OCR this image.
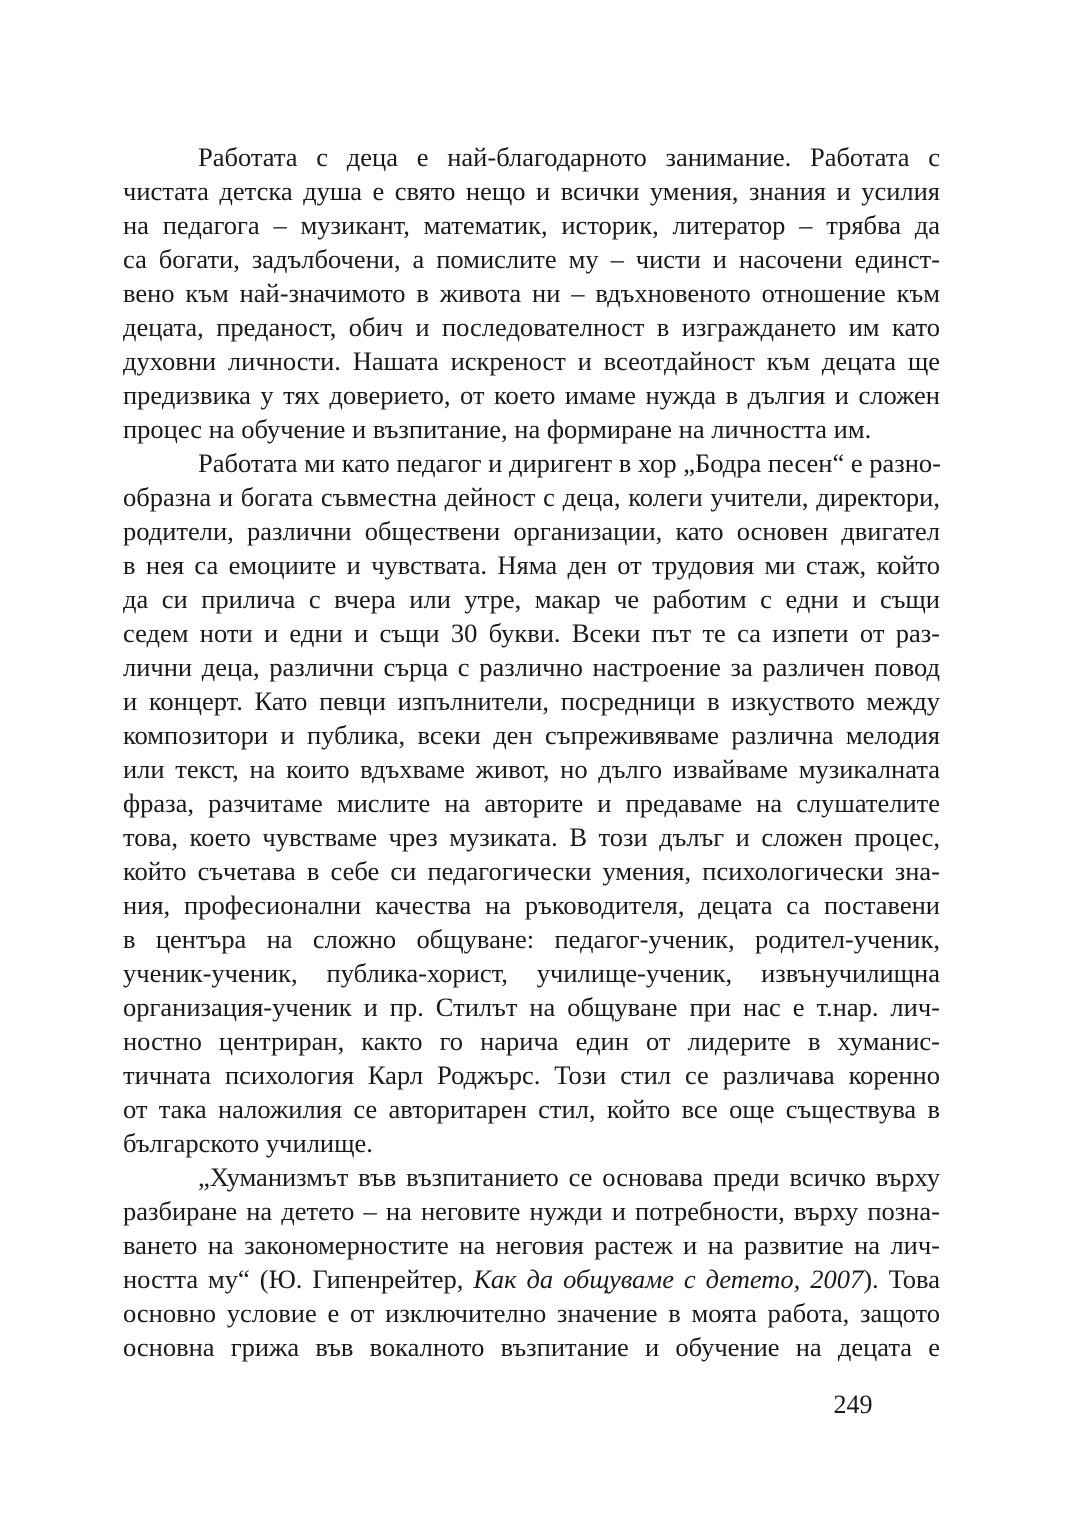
Работата с деца е най-благодарното занимание. Работата с
чистата детска душа е свято нещо и всички умения, знания и усилия
на педагога – музикант, математик, историк, литератор – трябва да
са богати, задълбочени, а помислите му – чисти и насочени единст-
вено към най-значимото в живота ни – вдъхновеното отношение към
децата, преданост, обич и последователност в изграждането им като
духовни личности. Нашата искреност и всеотдайност към децата ще
предизвика у тях доверието, от което имаме нужда в дългия и сложен
процес на обучение и възпитание, на формиране на личността им.
Работата ми като педагог и диригент в хор „Бодра песен“ е разно-
образна и богата съвместна дейност с деца, колеги учители, директори,
родители, различни обществени организации, като основен двигател
в нея са емоциите и чувствата. Няма ден от трудовия ми стаж, който
да си прилича с вчера или утре, макар че работим с едни и същи
седем ноти и едни и същи 30 букви. Всеки път те са изпети от раз-
лични деца, различни сърца с различно настроение за различен повод
и концерт. Като певци изпълнители, посредници в изкуството между
композитори и публика, всеки ден съпреживяваме различна мелодия
или текст, на които вдъхваме живот, но дълго извайваме музикалната
фраза, разчитаме мислите на авторите и предаваме на слушателите
това, което чувстваме чрез музиката. В този дълъг и сложен процес,
който съчетава в себе си педагогически умения, психологически зна-
ния, професионални качества на ръководителя, децата са поставени
в центъра на сложно общуване: педагог-ученик, родител-ученик,
ученик-ученик, публика-хорист, училище-ученик, извънучилищна
организация-ученик и пр. Стилът на общуване при нас е т.нар. лич-
ностно центриран, както го нарича един от лидерите в хуманис-
тичната психология Карл Роджърс. Този стил се различава коренно
от така наложилия се авторитарен стил, който все още съществува в
българското училище.
„Хуманизмът във възпитанието се основава преди всичко върху
разбиране на детето – на неговите нужди и потребности, върху позна-
ването на закономерностите на неговия растеж и на развитие на лич-
ността му“ (Ю. Гипенрейтер, Как да общуваме с детето, 2007). Това
основно условие е от изключително значение в моята работа, защото
основна грижа във вокалното възпитание и обучение на децата е
249
